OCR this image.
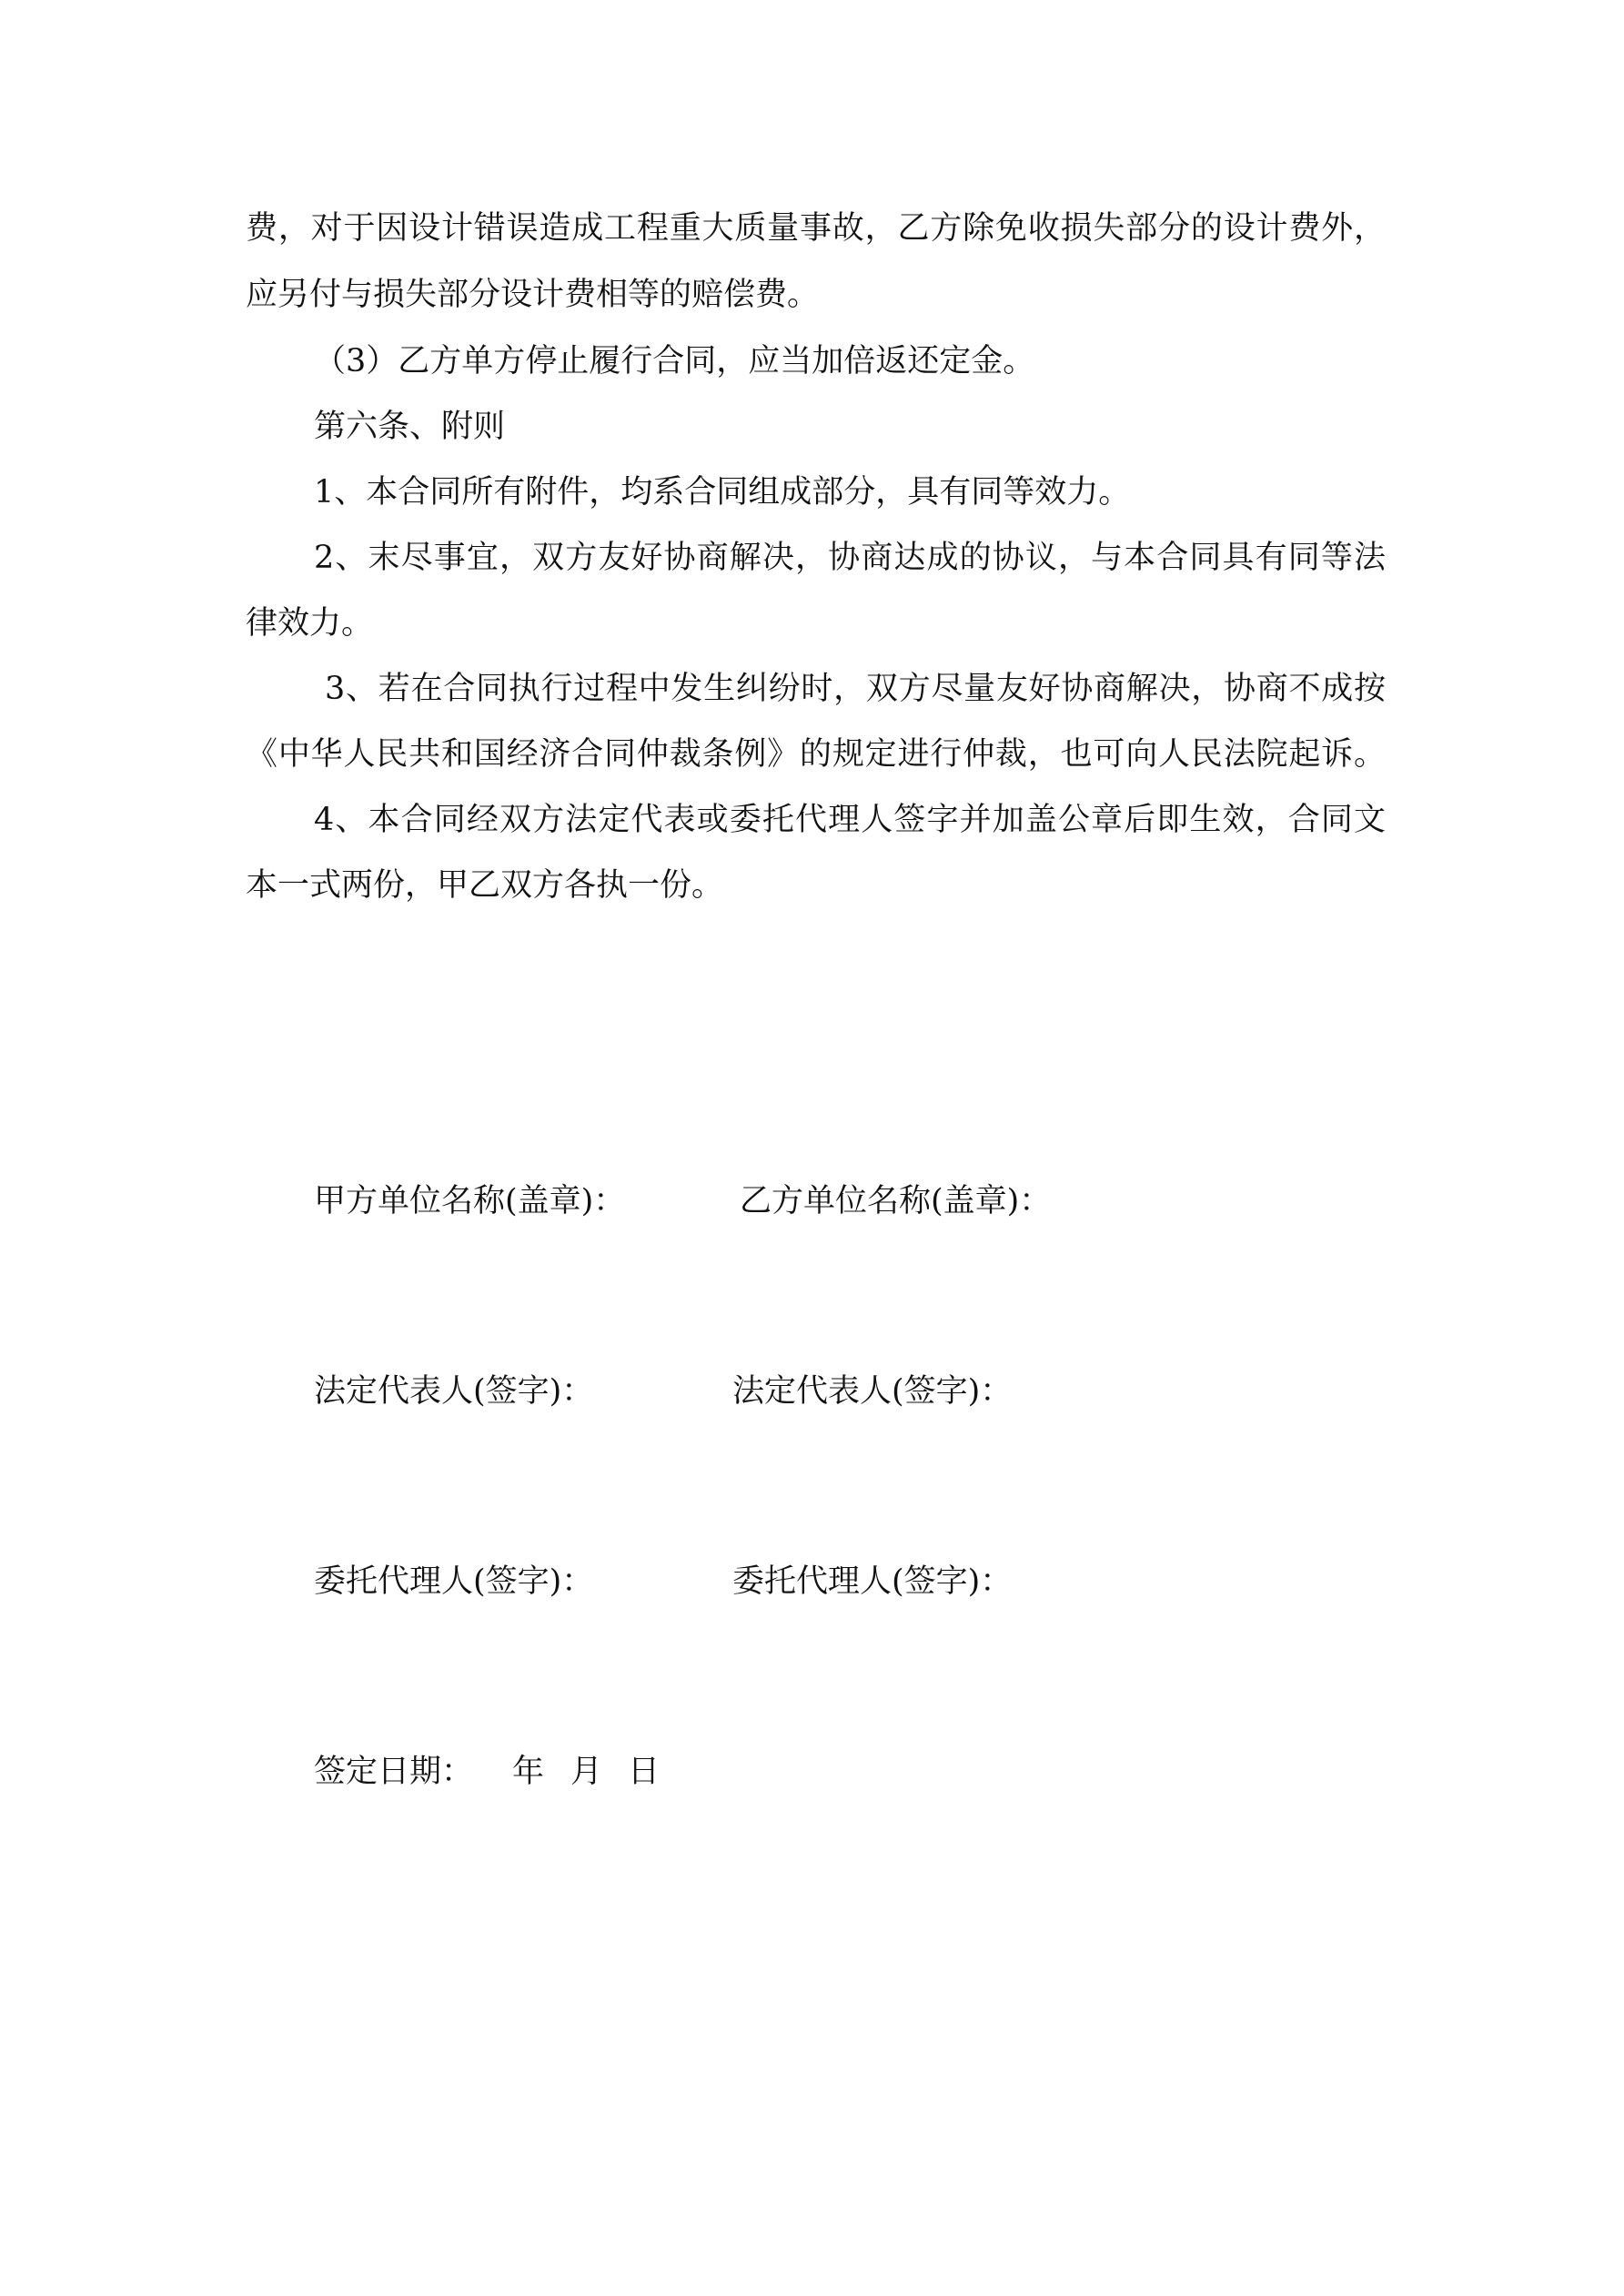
费，对于因设计错误造成工程重大质量事故，乙方除免收损失部分的设计费外，

应另付与损失部分设计费相等的赔偿费。

（3）乙方单方停止履行合同，应当加倍返还定金。

第六条、附则

1、本合同所有附件，均系合同组成部分，具有同等效力。

2、末尽事宜，双方友好协商解决，协商达成的协议，与本合同具有同等法

律效力。

3、若在合同执行过程中发生纠纷时，双方尽量友好协商解决，协商不成按

《中华人民共和国经济合同仲裁条例》的规定进行仲裁，也可向人民法院起诉。

4、本合同经双方法定代表或委托代理人签字并加盖公章后即生效，合同文

本一式两份，甲乙双方各执一份。

甲方单位名称(盖章)：	乙方单位名称(盖章)：
法定代表人(签字)：	法定代表人(签字)：
委托代理人(签字)：	委托代理人(签字)：
签定日期： 年 月 日
